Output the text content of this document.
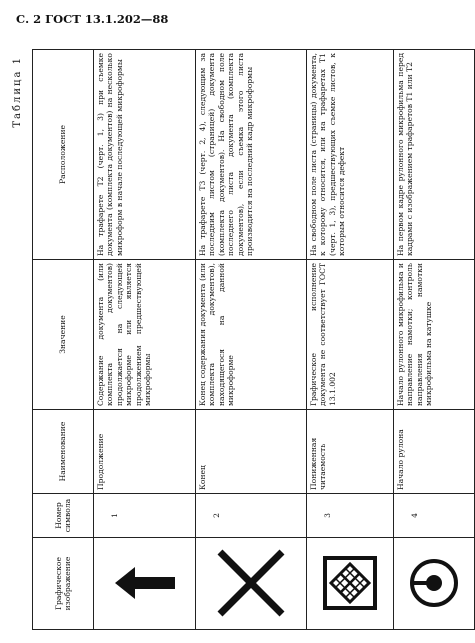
С. 2 ГОСТ 13.1.202—88
Таблица 1
Графическое изображение	Номер символа	Наименование	Значение	Расположение

	1	Продолжение	Содержание документа (или комплекта документов) продолжается на следующей микроформе или является продолжением предшествующей микроформы	На трафарете Т2 (черт. 1, 3) при съемке документа (комплекта документов) на несколько микроформ в начале последующей микроформы

	2	Конец	Конец содержания документа (или комплекта документов), находящегося на данной микроформе	На трафарете Т3 (черт. 2, 4), следующим за последним листом (страницей) документа (комплекта документов). На свободном поле последнего листа документа (комплекта документов), если съемка этого листа производится на последний кадр микроформы

	3	Пониженная читаемость	Графическое исполнение документа не соответствует ГОСТ 13.1.002	На свободном поле листа (страницы) документа, к которому относится, или на трафаретах Т1 (черт. 1, 3), предшествующих съемке листов, к которым относится дефект

	4	Начало рулона	Начало рулонного микрофильма и направление намотки; контроль направления намотки микрофильма на катушке	На первом кадре рулонного микрофильма перед кадрами с изображением трафаретов Т1 или Т2
